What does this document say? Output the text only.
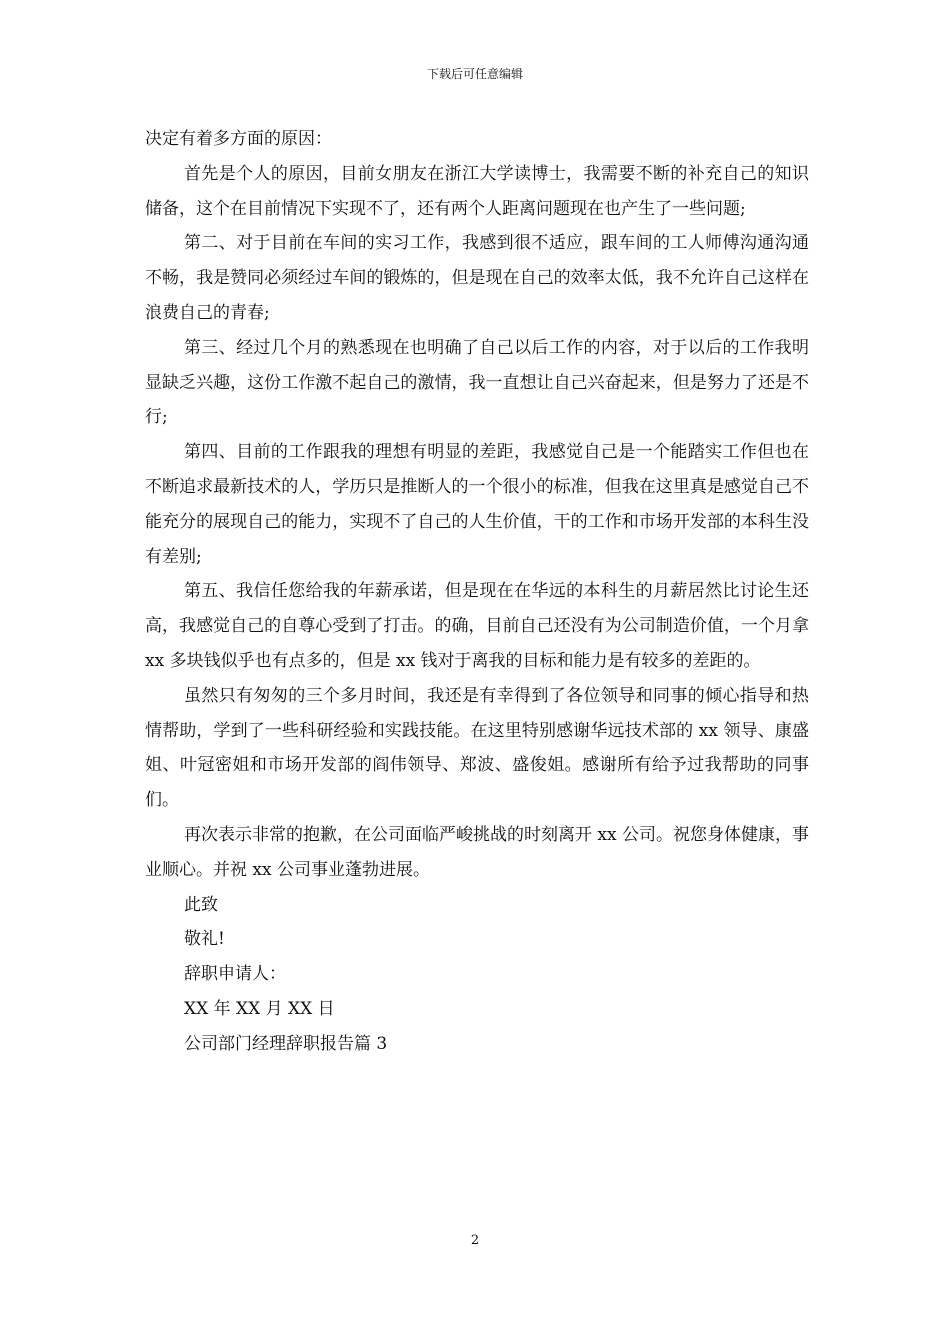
下载后可任意编辑

决定有着多方面的原因：

首先是个人的原因，目前女朋友在浙江大学读博士，我需要不断的补充自己的知识储备，这个在目前情况下实现不了，还有两个人距离问题现在也产生了一些问题;

第二、对于目前在车间的实习工作，我感到很不适应，跟车间的工人师傅沟通沟通不畅，我是赞同必须经过车间的锻炼的，但是现在自己的效率太低，我不允许自己这样在浪费自己的青春;

第三、经过几个月的熟悉现在也明确了自己以后工作的内容，对于以后的工作我明显缺乏兴趣，这份工作激不起自己的激情，我一直想让自己兴奋起来，但是努力了还是不行;

第四、目前的工作跟我的理想有明显的差距，我感觉自己是一个能踏实工作但也在不断追求最新技术的人，学历只是推断人的一个很小的标准，但我在这里真是感觉自己不能充分的展现自己的能力，实现不了自己的人生价值，干的工作和市场开发部的本科生没有差别;

第五、我信任您给我的年薪承诺，但是现在在华远的本科生的月薪居然比讨论生还高，我感觉自己的自尊心受到了打击。的确，目前自己还没有为公司制造价值，一个月拿 xx 多块钱似乎也有点多的，但是 xx 钱对于离我的目标和能力是有较多的差距的。

虽然只有匆匆的三个多月时间，我还是有幸得到了各位领导和同事的倾心指导和热情帮助，学到了一些科研经验和实践技能。在这里特别感谢华远技术部的 xx 领导、康盛姐、叶冠密姐和市场开发部的阎伟领导、郑波、盛俊姐。感谢所有给予过我帮助的同事们。

再次表示非常的抱歉，在公司面临严峻挑战的时刻离开 xx 公司。祝您身体健康，事业顺心。并祝 xx 公司事业蓬勃进展。

此致

敬礼!

辞职申请人：

XX 年 XX 月 XX 日

公司部门经理辞职报告篇 3

2
